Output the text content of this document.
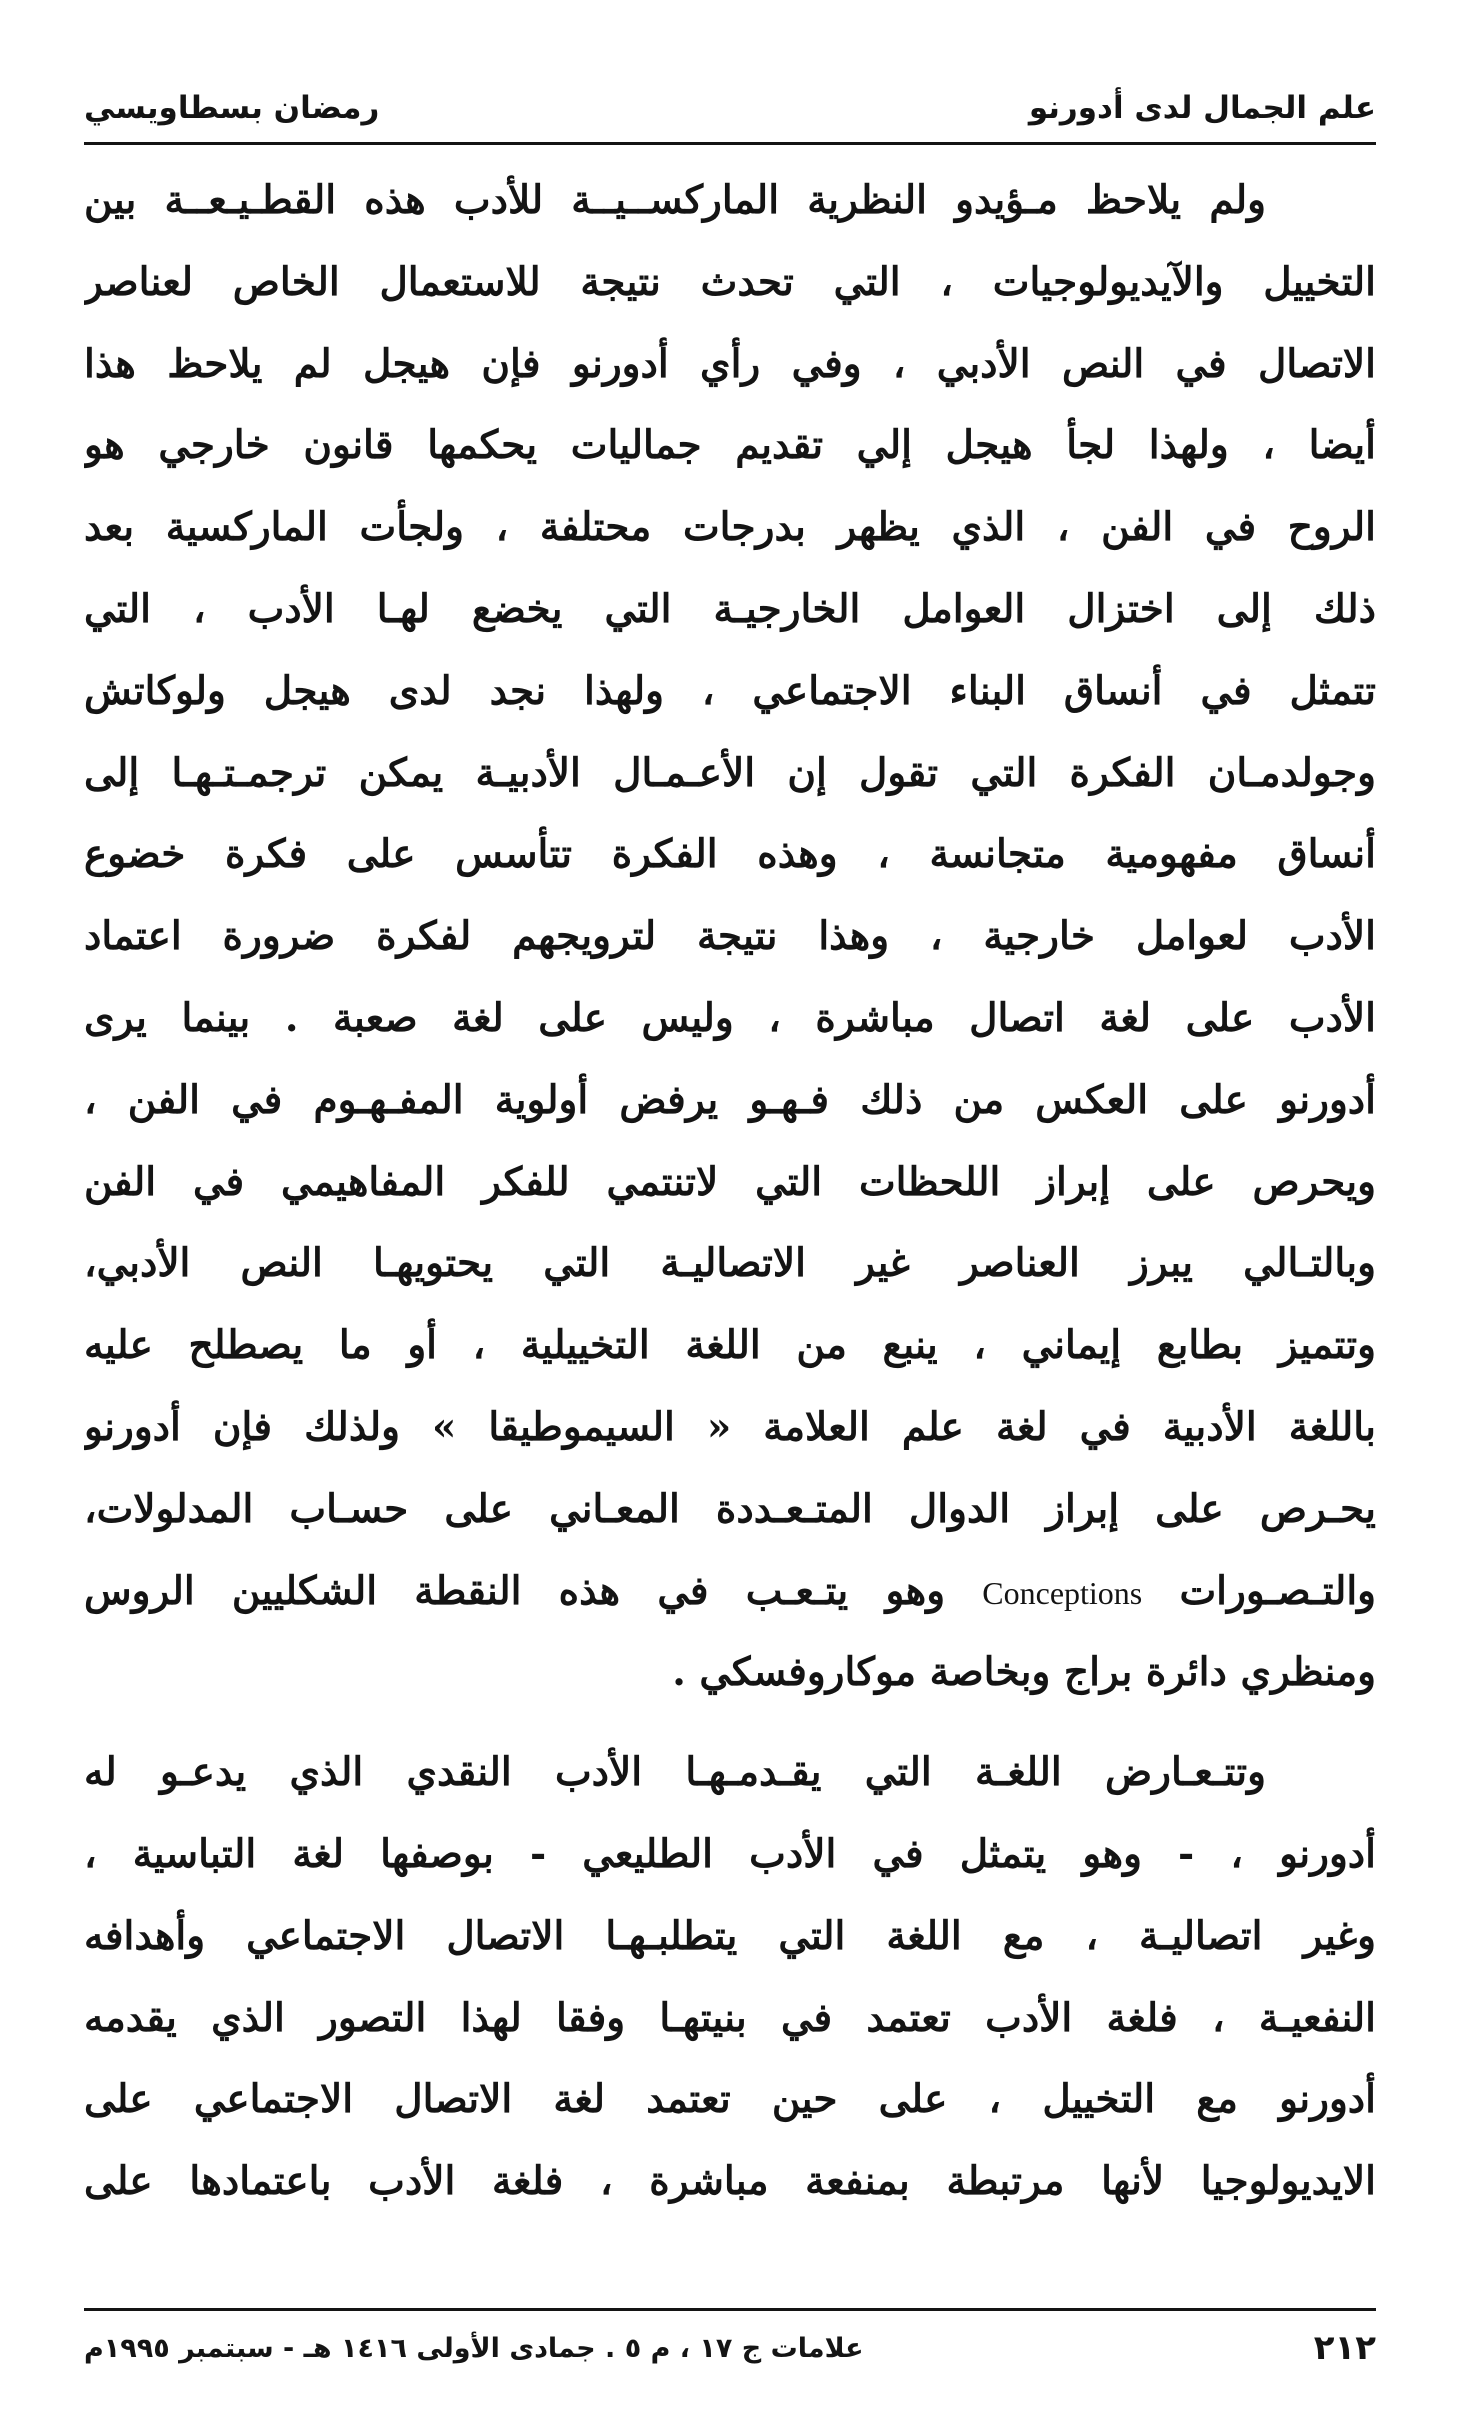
علم الجمال لدى أدورنو
رمضان بسطاويسي
ولم يلاحظ مـؤيدو النظرية الماركســيــة للأدب هذه القطـيـعــة بين
التخييل والآيديولوجيات ، التي تحدث نتيجة للاستعمال الخاص لعناصر
الاتصال في النص الأدبي ، وفي رأي أدورنو فإن هيجل لم يلاحظ هذا
أيضا ، ولهذا لجأ هيجل إلي تقديم جماليات يحكمها قانون خارجي هو
الروح في الفن ، الذي يظهر بدرجات محتلفة ، ولجأت الماركسية بعد
ذلك إلى اختزال العوامل الخارجيـة التي يخضع لهـا الأدب ، التي
تتمثل في أنساق البناء الاجتماعي ، ولهذا نجد لدى هيجل ولوكاتش
وجولدمـان الفكرة التي تقول إن الأعـمـال الأدبيـة يمكن ترجمـتـهـا إلى
أنساق مفهومية متجانسة ، وهذه الفكرة تتأسس على فكرة خضوع
الأدب لعوامل خارجية ، وهذا نتيجة لترويجهم لفكرة ضرورة اعتماد
الأدب على لغة اتصال مباشرة ، وليس على لغة صعبة . بينما يرى
أدورنو على العكس من ذلك فـهـو يرفض أولوية المفـهـوم في الفن ،
ويحرص على إبراز اللحظات التي لاتنتمي للفكر المفاهيمي في الفن
وبالتـالي يبرز العناصر غير الاتصاليـة التي يحتويهـا النص الأدبي،
وتتميز بطابع إيماني ، ينبع من اللغة التخييلية ، أو ما يصطلح عليه
باللغة الأدبية في لغة علم العلامة « السيموطيقا » ولذلك فإن أدورنو
يحـرص على إبراز الدوال المتـعـددة المعـاني على حسـاب المدلولات،
والتـصـورات Conceptions وهو يتـعـب في هذه النقطة الشكليين الروس
ومنظري دائرة براج وبخاصة موكاروفسكي .
وتتـعـارض اللغـة التي يقـدمـهـا الأدب النقدي الذي يدعـو له
أدورنو ، - وهو يتمثل في الأدب الطليعي - بوصفها لغة التباسية ،
وغير اتصاليـة ، مع اللغة التي يتطلبـهـا الاتصال الاجتماعي وأهدافه
النفعيـة ، فلغة الأدب تعتمد في بنيتهـا وفقا لهذا التصور الذي يقدمه
أدورنو مع التخييل ، على حين تعتمد لغة الاتصال الاجتماعي على
الايديولوجيا لأنها مرتبطة بمنفعة مباشرة ، فلغة الأدب باعتمادها على
٢١٢
علامات ج ١٧ ، م ٥ . جمادى الأولى ١٤١٦ هـ - سبتمبر ١٩٩٥م
